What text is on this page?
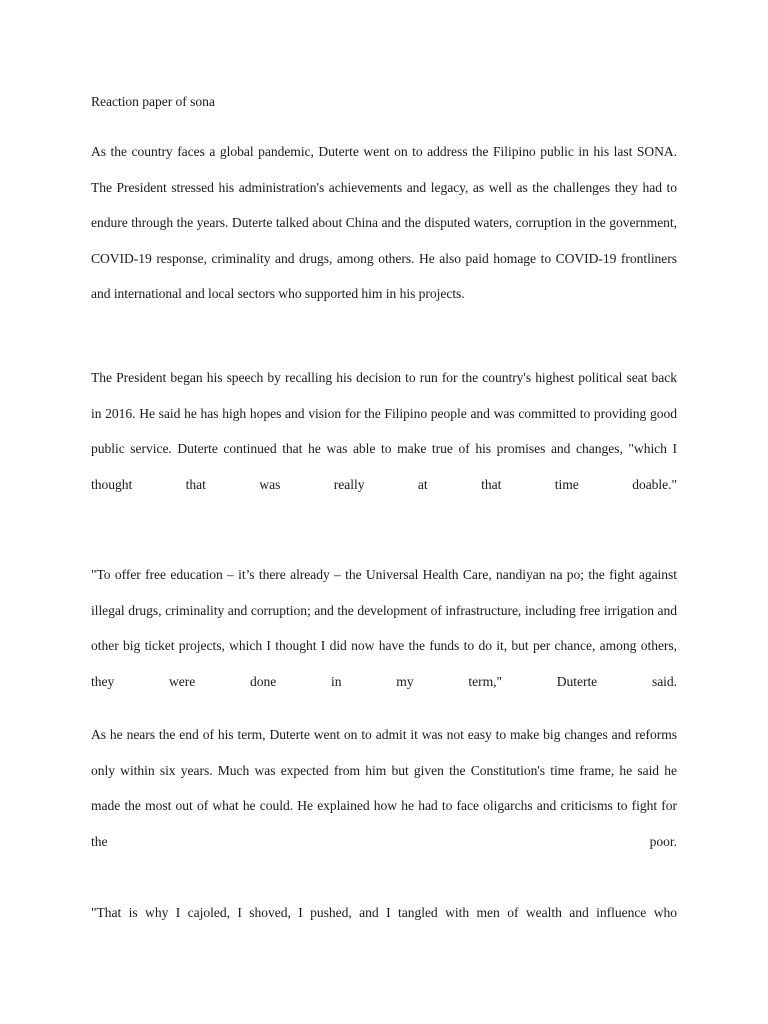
Reaction paper of sona

As the country faces a global pandemic, Duterte went on to address the Filipino public in his last SONA. The President stressed his administration's achievements and legacy, as well as the challenges they had to endure through the years. Duterte talked about China and the disputed waters, corruption in the government, COVID-19 response, criminality and drugs, among others. He also paid homage to COVID-19 frontliners and international and local sectors who supported him in his projects.

The President began his speech by recalling his decision to run for the country's highest political seat back in 2016. He said he has high hopes and vision for the Filipino people and was committed to providing good public service. Duterte continued that he was able to make true of his promises and changes, "which I thought that was really at that time doable."

"To offer free education – it’s there already – the Universal Health Care, nandiyan na po; the fight against illegal drugs, criminality and corruption; and the development of infrastructure, including free irrigation and other big ticket projects, which I thought I did now have the funds to do it, but per chance, among others, they were done in my term," Duterte said.

As he nears the end of his term, Duterte went on to admit it was not easy to make big changes and reforms only within six years. Much was expected from him but given the Constitution's time frame, he said he made the most out of what he could. He explained how he had to face oligarchs and criticisms to fight for the poor.

"That is why I cajoled, I shoved, I pushed, and I tangled with men of wealth and influence who
